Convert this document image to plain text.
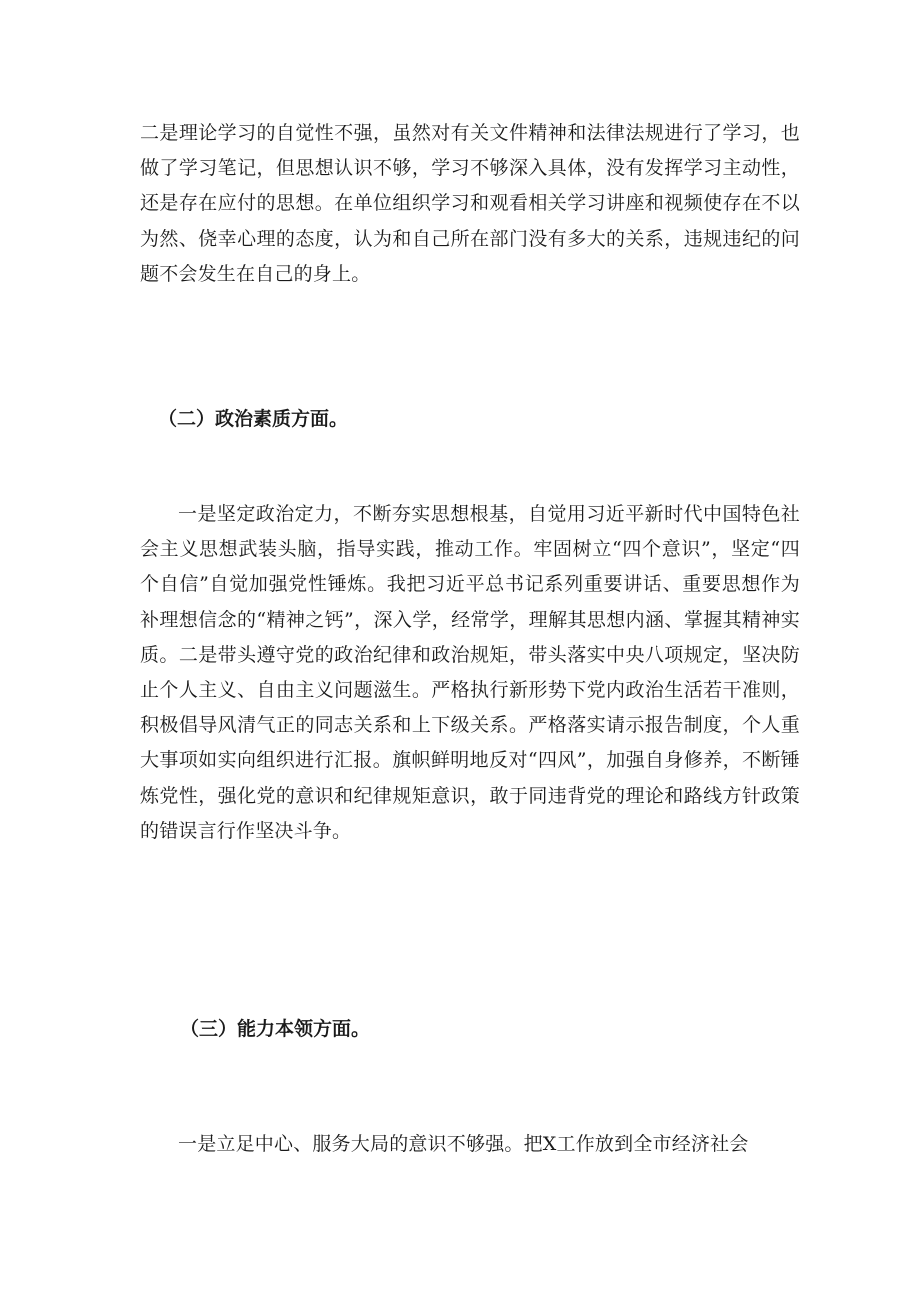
二是理论学习的自觉性不强，虽然对有关文件精神和法律法规进行了学习，也做了学习笔记，但思想认识不够，学习不够深入具体，没有发挥学习主动性，还是存在应付的思想。在单位组织学习和观看相关学习讲座和视频使存在不以为然、侥幸心理的态度，认为和自己所在部门没有多大的关系，违规违纪的问题不会发生在自己的身上。

（二）政治素质方面。

一是坚定政治定力，不断夯实思想根基，自觉用习近平新时代中国特色社会主义思想武装头脑，指导实践，推动工作。牢固树立“四个意识”，坚定“四个自信”自觉加强党性锤炼。我把习近平总书记系列重要讲话、重要思想作为补理想信念的“精神之钙”，深入学，经常学，理解其思想内涵、掌握其精神实质。二是带头遵守党的政治纪律和政治规矩，带头落实中央八项规定，坚决防止个人主义、自由主义问题滋生。严格执行新形势下党内政治生活若干准则，积极倡导风清气正的同志关系和上下级关系。严格落实请示报告制度，个人重大事项如实向组织进行汇报。旗帜鲜明地反对“四风”，加强自身修养，不断锤炼党性，强化党的意识和纪律规矩意识，敢于同违背党的理论和路线方针政策的错误言行作坚决斗争。

（三）能力本领方面。

一是立足中心、服务大局的意识不够强。把X工作放到全市经济社会
